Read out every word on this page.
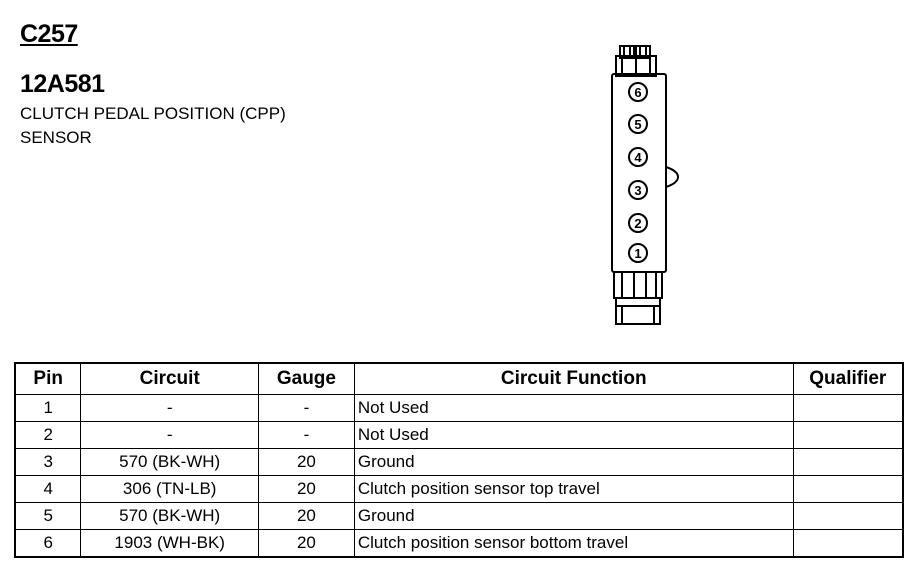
C257
12A581
CLUTCH PEDAL POSITION (CPP)
SENSOR
6
5
4
3
2
1
Pin	Circuit	Gauge	Circuit Function	Qualifier
1	-	-	Not Used	
2	-	-	Not Used	
3	570 (BK-WH)	20	Ground	
4	306 (TN-LB)	20	Clutch position sensor top travel	
5	570 (BK-WH)	20	Ground	
6	1903 (WH-BK)	20	Clutch position sensor bottom travel	
